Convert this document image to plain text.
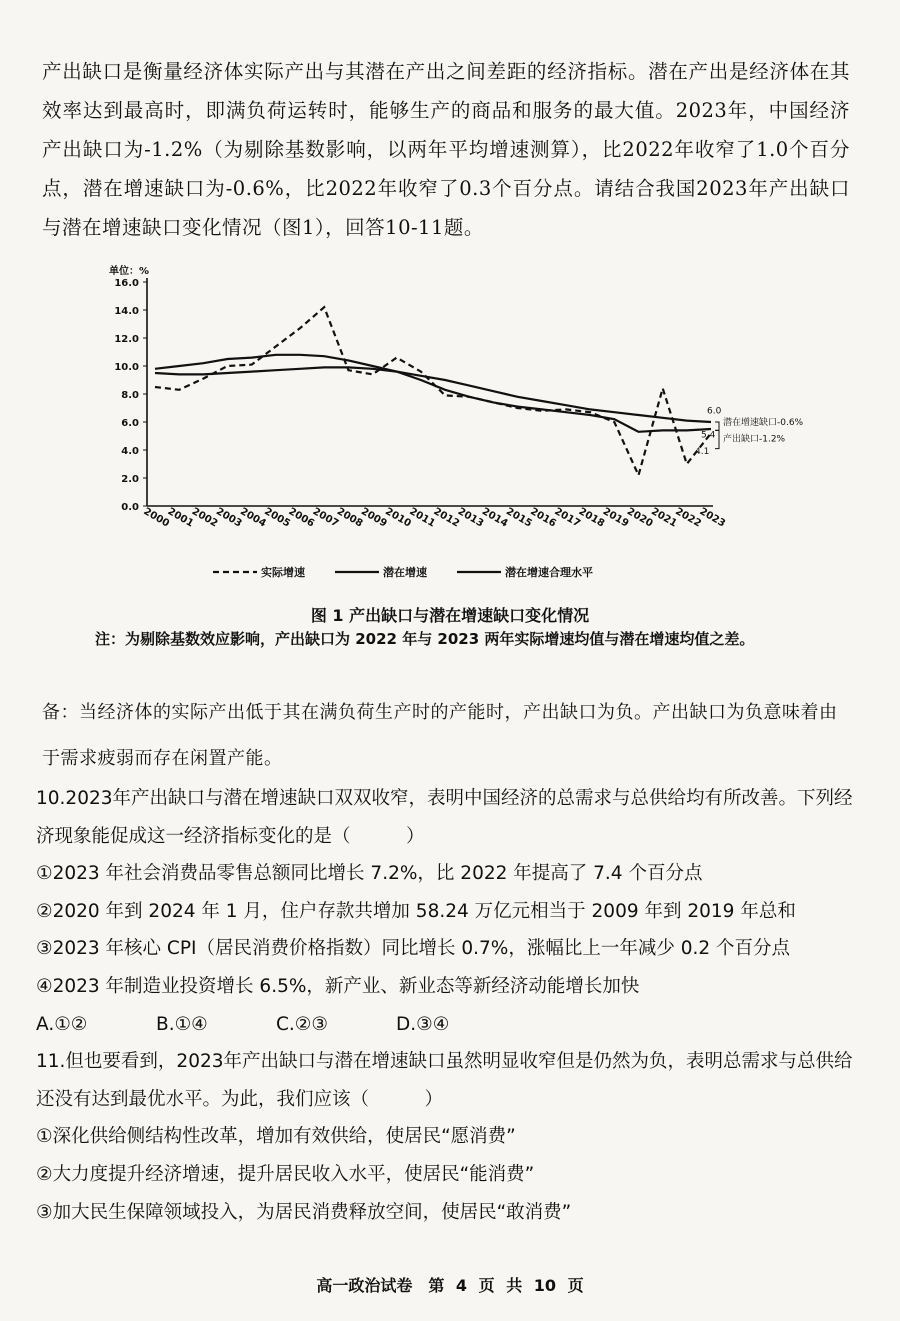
产出缺口是衡量经济体实际产出与其潜在产出之间差距的经济指标。潜在产出是经济体在其效率达到最高时，即满负荷运转时，能够生产的商品和服务的最大值。2023年，中国经济产出缺口为-1.2%（为剔除基数影响，以两年平均增速测算），比2022年收窄了1.0个百分点，潜在增速缺口为-0.6%，比2022年收窄了0.3个百分点。请结合我国2023年产出缺口与潜在增速缺口变化情况（图1），回答10-11题。

单位：%
0.0
2.0
4.0
6.0
8.0
10.0
12.0
14.0
16.0
2000
2001
2002
2003
2004
2005
2006
2007
2008
2009
2010
2011
2012
2013
2014
2015
2016
2017
2018
2019
2020
2021
2022
2023
6.0
5.4
4.1
潜在增速缺口-0.6%
产出缺口-1.2%
实际增速	潜在增速	潜在增速合理水平
图 1 产出缺口与潜在增速缺口变化情况
注：为剔除基数效应影响，产出缺口为 2022 年与 2023 两年实际增速均值与潜在增速均值之差。
备：当经济体的实际产出低于其在满负荷生产时的产能时，产出缺口为负。产出缺口为负意味着由于需求疲弱而存在闲置产能。
10.2023年产出缺口与潜在增速缺口双双收窄，表明中国经济的总需求与总供给均有所改善。下列经济现象能促成这一经济指标变化的是（　　　）
①2023 年社会消费品零售总额同比增长 7.2%，比 2022 年提高了 7.4 个百分点
②2020 年到 2024 年 1 月，住户存款共增加 58.24 万亿元相当于 2009 年到 2019 年总和
③2023 年核心 CPI（居民消费价格指数）同比增长 0.7%，涨幅比上一年减少 0.2 个百分点
④2023 年制造业投资增长 6.5%，新产业、新业态等新经济动能增长加快
A.①②	B.①④	C.②③	D.③④
11.但也要看到，2023年产出缺口与潜在增速缺口虽然明显收窄但是仍然为负，表明总需求与总供给还没有达到最优水平。为此，我们应该（　　　）
①深化供给侧结构性改革，增加有效供给，使居民“愿消费”
②大力度提升经济增速，提升居民收入水平，使居民“能消费”
③加大民生保障领域投入，为居民消费释放空间，使居民“敢消费”
高一政治试卷　第 4 页 共 10 页
